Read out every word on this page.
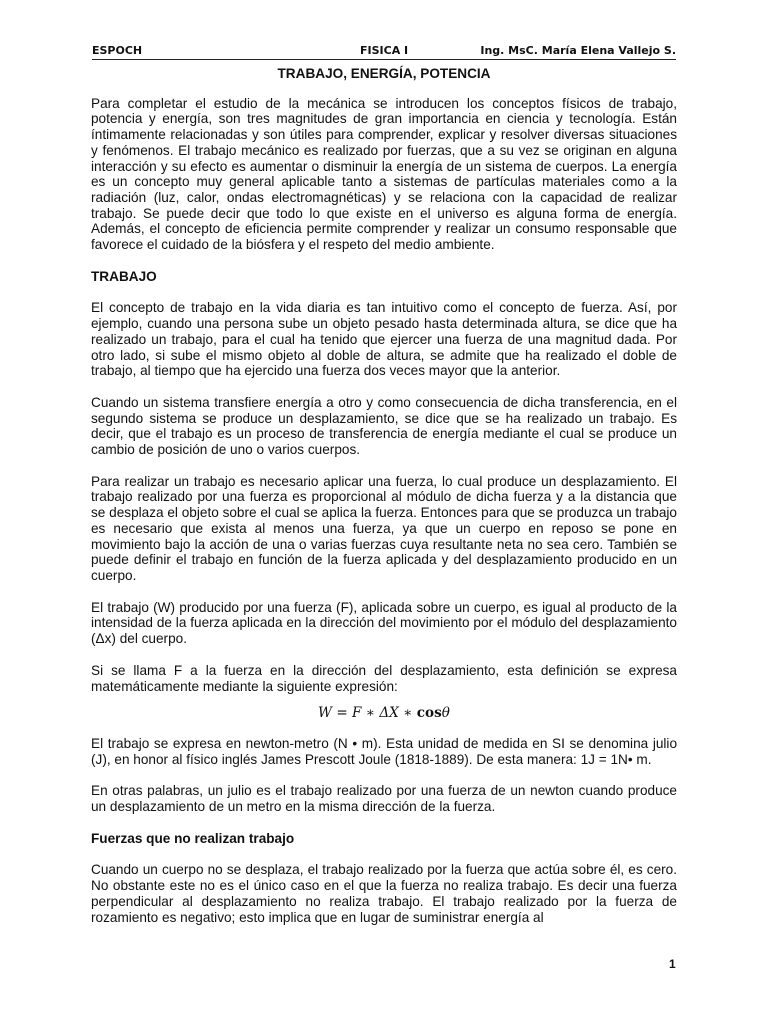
ESPOCH	FISICA I	Ing. MsC. María Elena Vallejo S.
TRABAJO, ENERGÍA, POTENCIA

Para completar el estudio de la mecánica se introducen los conceptos físicos de trabajo, potencia y energía, son tres magnitudes de gran importancia en ciencia y tecnología. Están íntimamente relacionadas y son útiles para comprender, explicar y resolver diversas situaciones y fenómenos. El trabajo mecánico es realizado por fuerzas, que a su vez se originan en alguna interacción y su efecto es aumentar o disminuir la energía de un sistema de cuerpos. La energía es un concepto muy general aplicable tanto a sistemas de partículas materiales como a la radiación (luz, calor, ondas electromagnéticas) y se relaciona con la capacidad de realizar trabajo. Se puede decir que todo lo que existe en el universo es alguna forma de energía. Además, el concepto de eficiencia permite comprender y realizar un consumo responsable que favorece el cuidado de la biósfera y el respeto del medio ambiente.

TRABAJO

El concepto de trabajo en la vida diaria es tan intuitivo como el concepto de fuerza. Así, por ejemplo, cuando una persona sube un objeto pesado hasta determinada altura, se dice que ha realizado un trabajo, para el cual ha tenido que ejercer una fuerza de una magnitud dada. Por otro lado, si sube el mismo objeto al doble de altura, se admite que ha realizado el doble de trabajo, al tiempo que ha ejercido una fuerza dos veces mayor que la anterior.

Cuando un sistema transfiere energía a otro y como consecuencia de dicha transferencia, en el segundo sistema se produce un desplazamiento, se dice que se ha realizado un trabajo. Es decir, que el trabajo es un proceso de transferencia de energía mediante el cual se produce un cambio de posición de uno o varios cuerpos.

Para realizar un trabajo es necesario aplicar una fuerza, lo cual produce un desplazamiento. El trabajo realizado por una fuerza es proporcional al módulo de dicha fuerza y a la distancia que se desplaza el objeto sobre el cual se aplica la fuerza. Entonces para que se produzca un trabajo es necesario que exista al menos una fuerza, ya que un cuerpo en reposo se pone en movimiento bajo la acción de una o varias fuerzas cuya resultante neta no sea cero. También se puede definir el trabajo en función de la fuerza aplicada y del desplazamiento producido en un cuerpo.

El trabajo (W) producido por una fuerza (F), aplicada sobre un cuerpo, es igual al producto de la intensidad de la fuerza aplicada en la dirección del movimiento por el módulo del desplazamiento (Δx) del cuerpo.

Si se llama F a la fuerza en la dirección del desplazamiento, esta definición se expresa matemáticamente mediante la siguiente expresión:

W = F ∗ ΔX ∗ cosθ

El trabajo se expresa en newton-metro (N • m). Esta unidad de medida en SI se denomina julio (J), en honor al físico inglés James Prescott Joule (1818-1889). De esta manera: 1J = 1N• m.

En otras palabras, un julio es el trabajo realizado por una fuerza de un newton cuando produce un desplazamiento de un metro en la misma dirección de la fuerza.

Fuerzas que no realizan trabajo

Cuando un cuerpo no se desplaza, el trabajo realizado por la fuerza que actúa sobre él, es cero. No obstante este no es el único caso en el que la fuerza no realiza trabajo. Es decir una fuerza perpendicular al desplazamiento no realiza trabajo. El trabajo realizado por la fuerza de rozamiento es negativo; esto implica que en lugar de suministrar energía al

1
